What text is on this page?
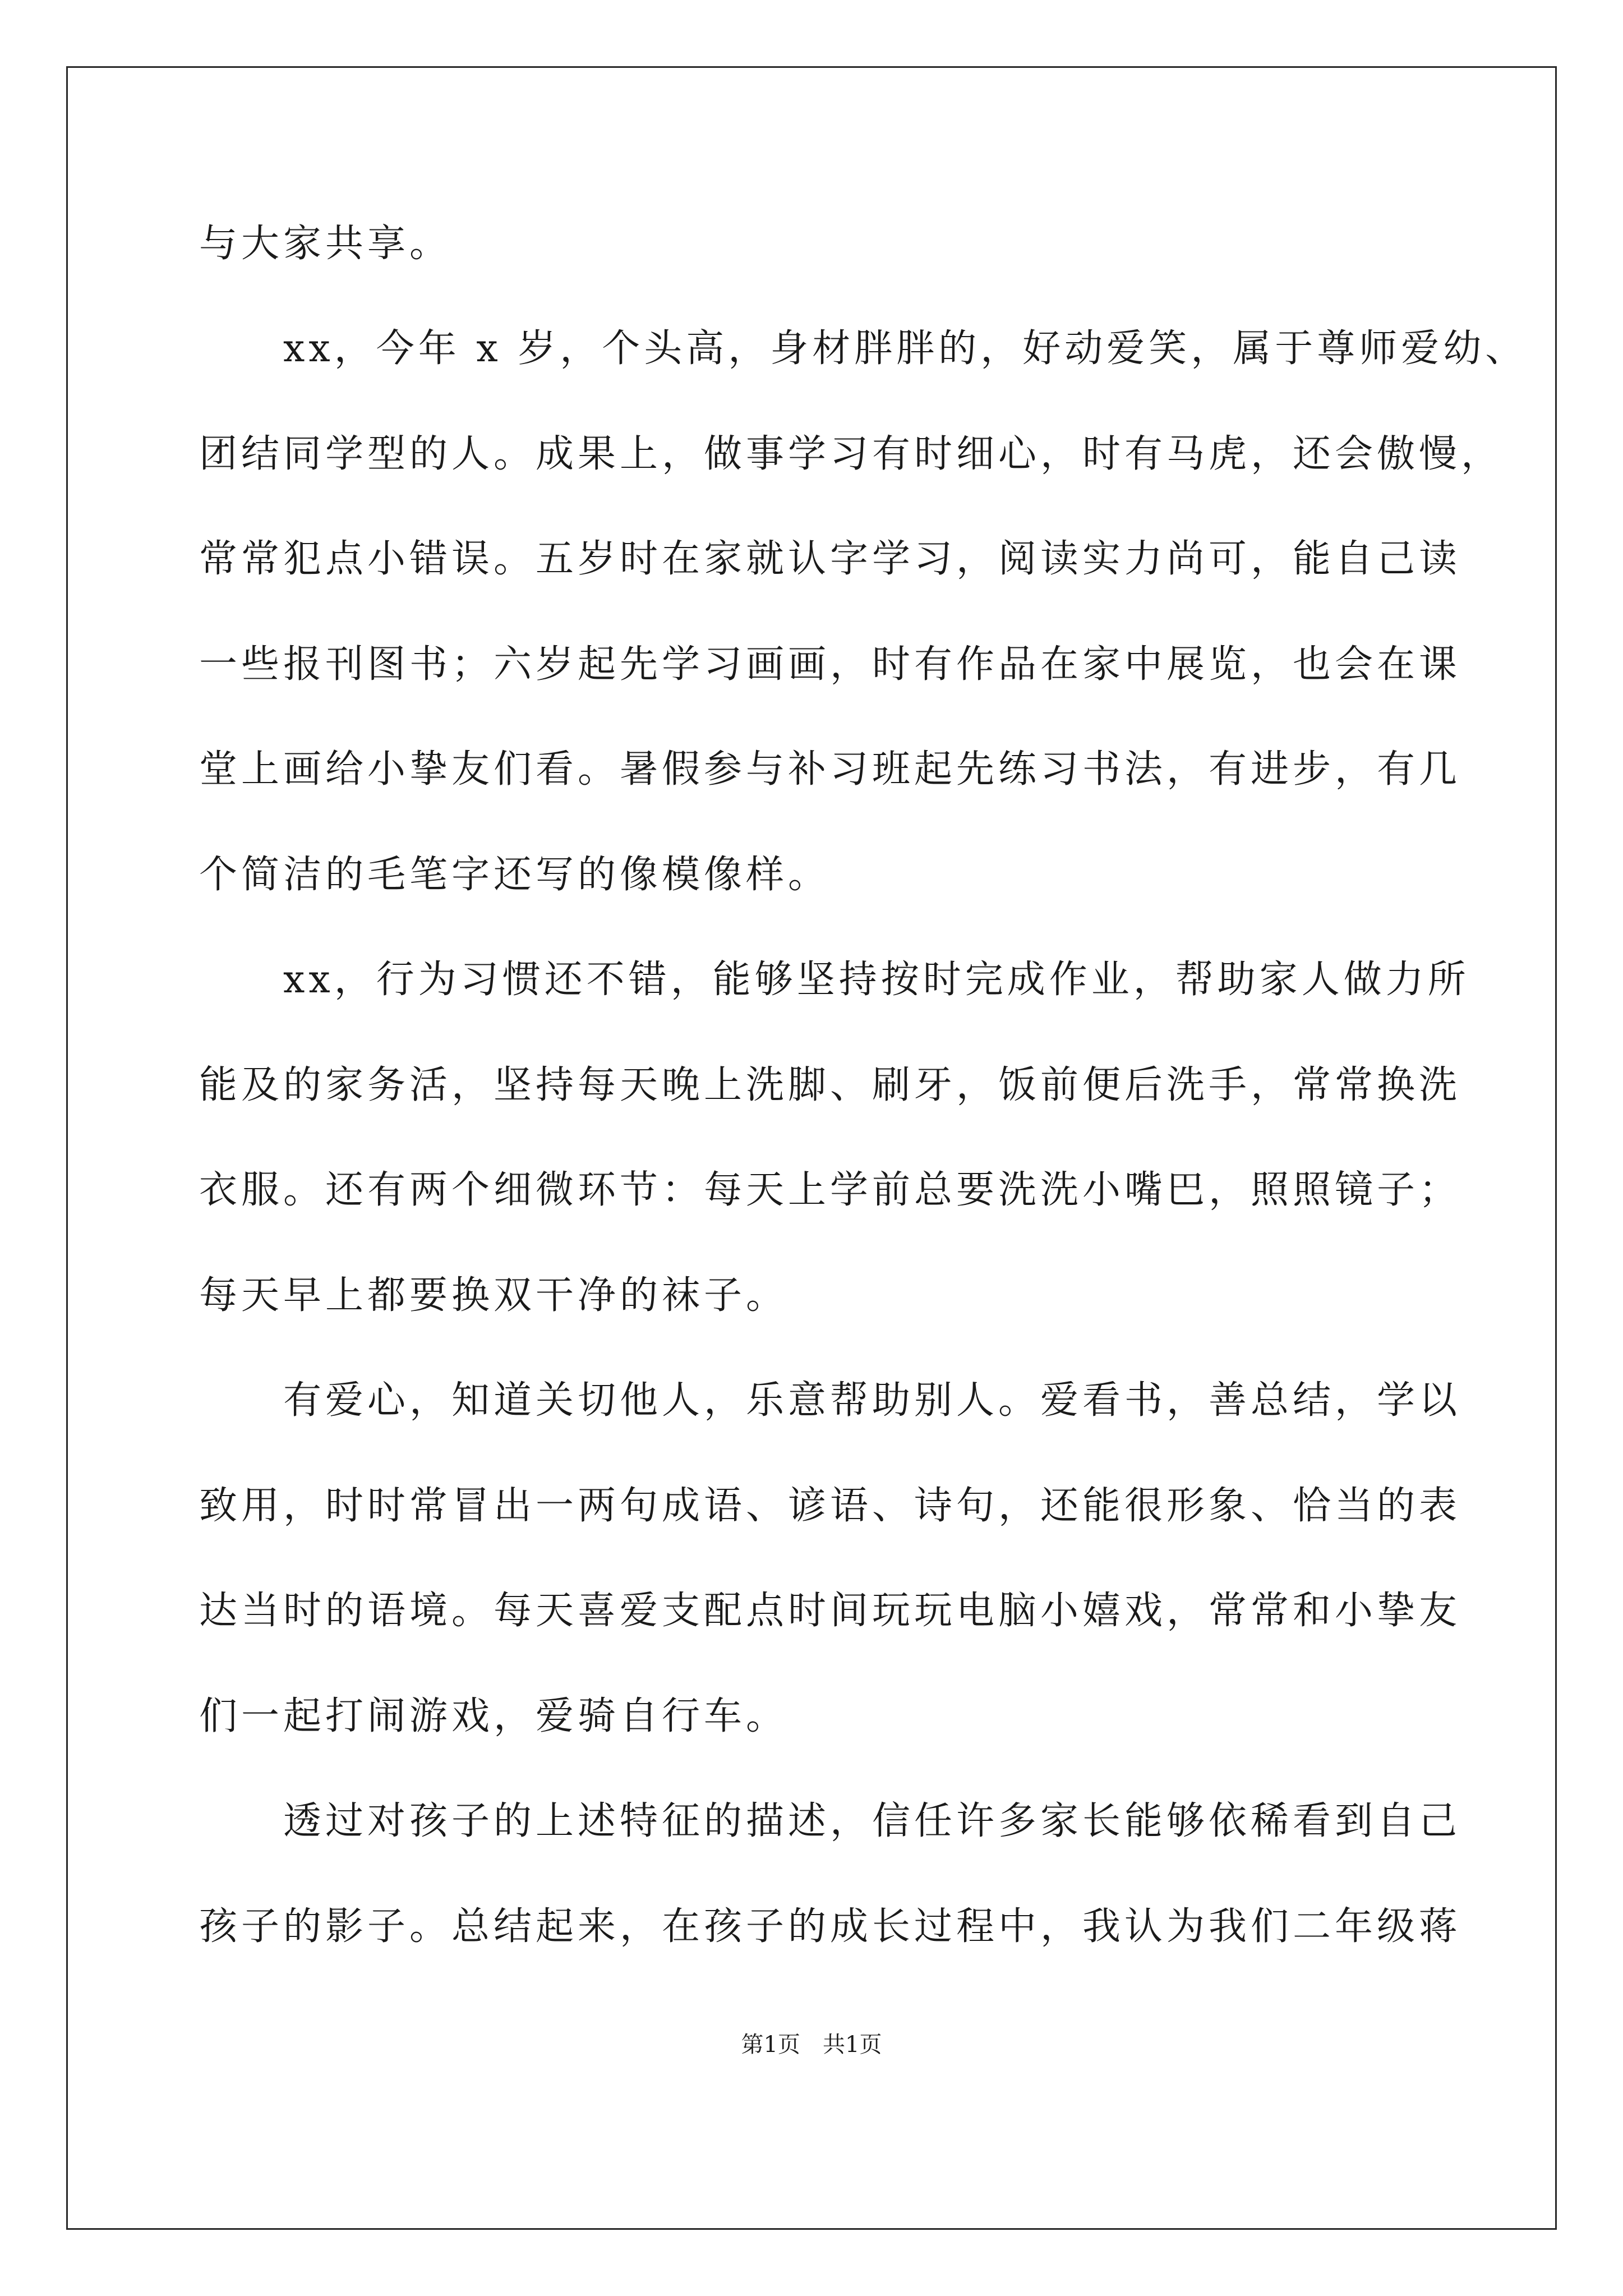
与大家共享。
　　xx，今年 x 岁，个头高，身材胖胖的，好动爱笑，属于尊师爱幼、
团结同学型的人。成果上，做事学习有时细心，时有马虎，还会傲慢，
常常犯点小错误。五岁时在家就认字学习，阅读实力尚可，能自己读
一些报刊图书；六岁起先学习画画，时有作品在家中展览，也会在课
堂上画给小挚友们看。暑假参与补习班起先练习书法，有进步，有几
个简洁的毛笔字还写的像模像样。
　　xx，行为习惯还不错，能够坚持按时完成作业，帮助家人做力所
能及的家务活，坚持每天晚上洗脚、刷牙，饭前便后洗手，常常换洗
衣服。还有两个细微环节：每天上学前总要洗洗小嘴巴，照照镜子；
每天早上都要换双干净的袜子。
　　有爱心，知道关切他人，乐意帮助别人。爱看书，善总结，学以
致用，时时常冒出一两句成语、谚语、诗句，还能很形象、恰当的表
达当时的语境。每天喜爱支配点时间玩玩电脑小嬉戏，常常和小挚友
们一起打闹游戏，爱骑自行车。
　　透过对孩子的上述特征的描述，信任许多家长能够依稀看到自己
孩子的影子。总结起来，在孩子的成长过程中，我认为我们二年级蒋
第1页　共1页
